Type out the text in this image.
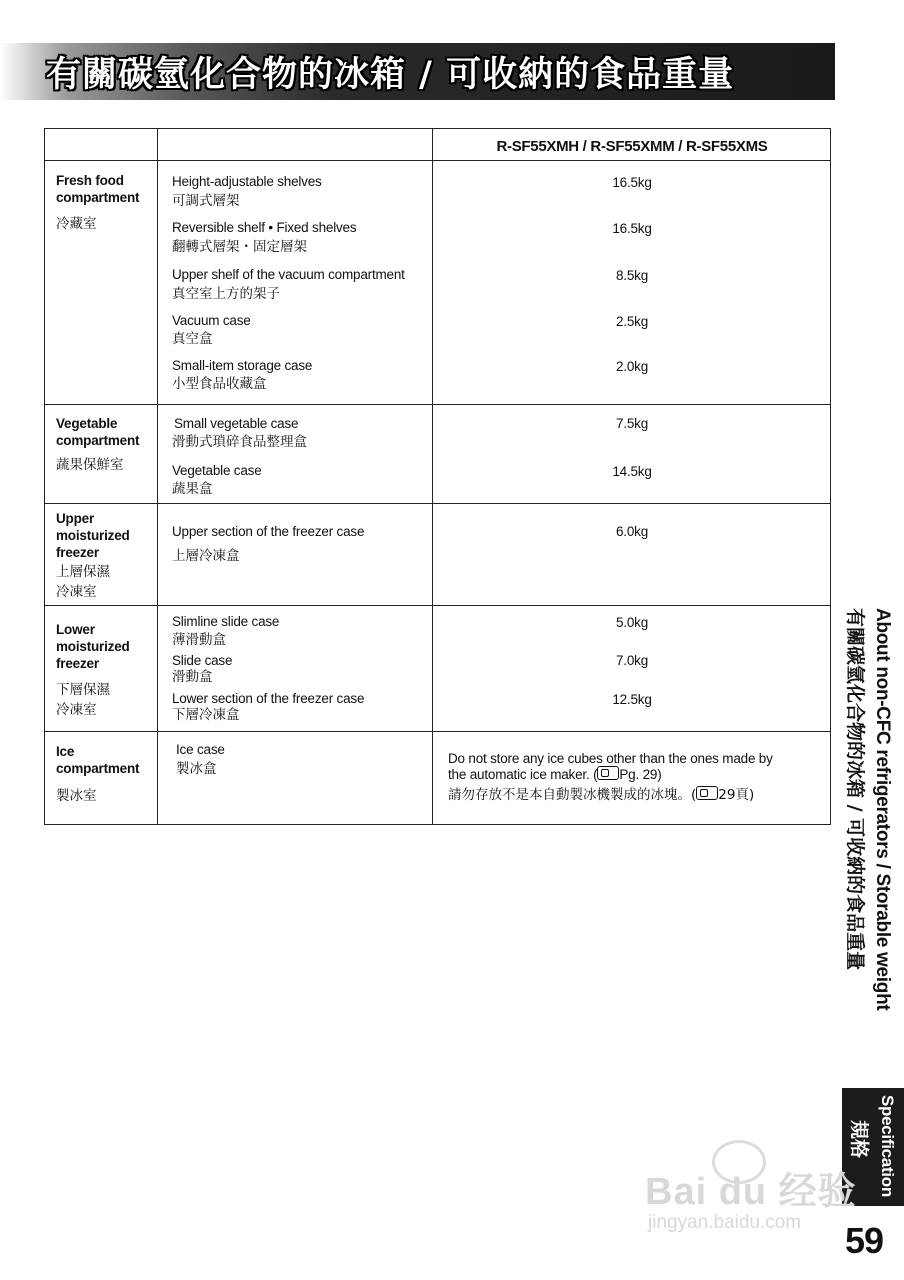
有關碳氫化合物的冰箱 / 可收納的食品重量
R-SF55XMH / R-SF55XMM / R-SF55XMS
Fresh food
compartment
冷藏室
Height-adjustable shelves
可調式層架
16.5kg
Reversible shelf • Fixed shelves
翻轉式層架・固定層架
16.5kg
Upper shelf of the vacuum compartment
真空室上方的架子
8.5kg
Vacuum case
真空盒
2.5kg
Small-item storage case
小型食品收藏盒
2.0kg
Vegetable
compartment
蔬果保鮮室
Small vegetable case
滑動式瑣碎食品整理盒
7.5kg
Vegetable case
蔬果盒
14.5kg
Upper
moisturized
freezer
上層保濕
冷凍室
Upper section of the freezer case
上層冷凍盒
6.0kg
Lower
moisturized
freezer
下層保濕
冷凍室
Slimline slide case
薄滑動盒
5.0kg
Slide case
滑動盒
7.0kg
Lower section of the freezer case
下層冷凍盒
12.5kg
Ice
compartment
製冰室
Ice case
製冰盒
Do not store any ice cubes other than the ones made by
the automatic ice maker. ( Pg. 29)
請勿存放不是本自動製冰機製成的冰塊。( 29頁)	About non-CFC refrigerators / Storable weight
有關碳氫化合物的冰箱 / 可收納的食品重量
Specification
規格
Bai du 经验
jingyan.baidu.com 59
